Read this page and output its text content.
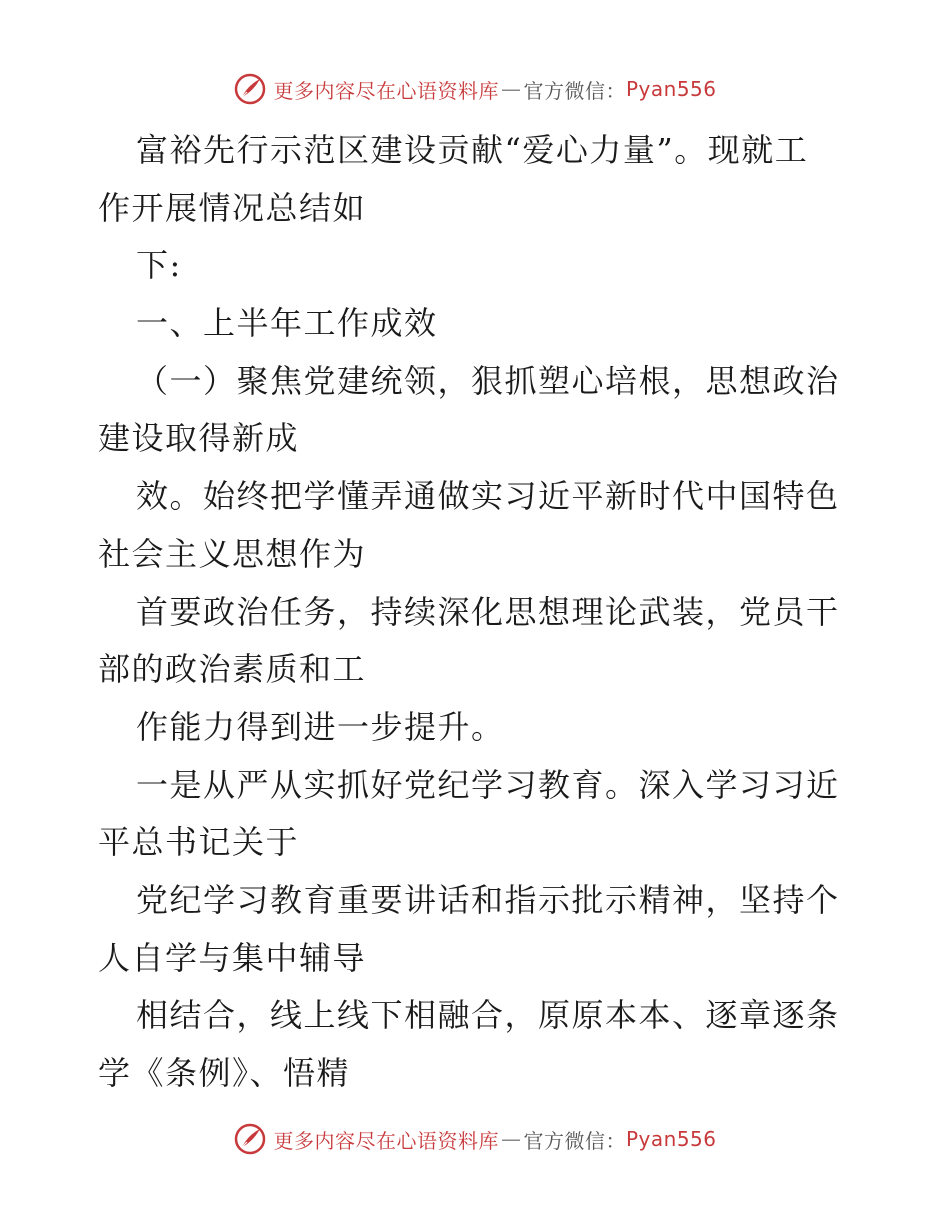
更多内容尽在心语资料库 — 官方微信： Pyan556
富裕先行示范区建设贡献“爱心力量”。现就工
作开展情况总结如
下:
一、上半年工作成效
（一）聚焦党建统领，狠抓塑心培根，思想政治
建设取得新成
效。始终把学懂弄通做实习近平新时代中国特色
社会主义思想作为
首要政治任务，持续深化思想理论武装，党员干
部的政治素质和工
作能力得到进一步提升。
一是从严从实抓好党纪学习教育。深入学习习近
平总书记关于
党纪学习教育重要讲话和指示批示精神，坚持个
人自学与集中辅导
相结合，线上线下相融合，原原本本、逐章逐条
学《条例》、悟精
更多内容尽在心语资料库 — 官方微信： Pyan556
